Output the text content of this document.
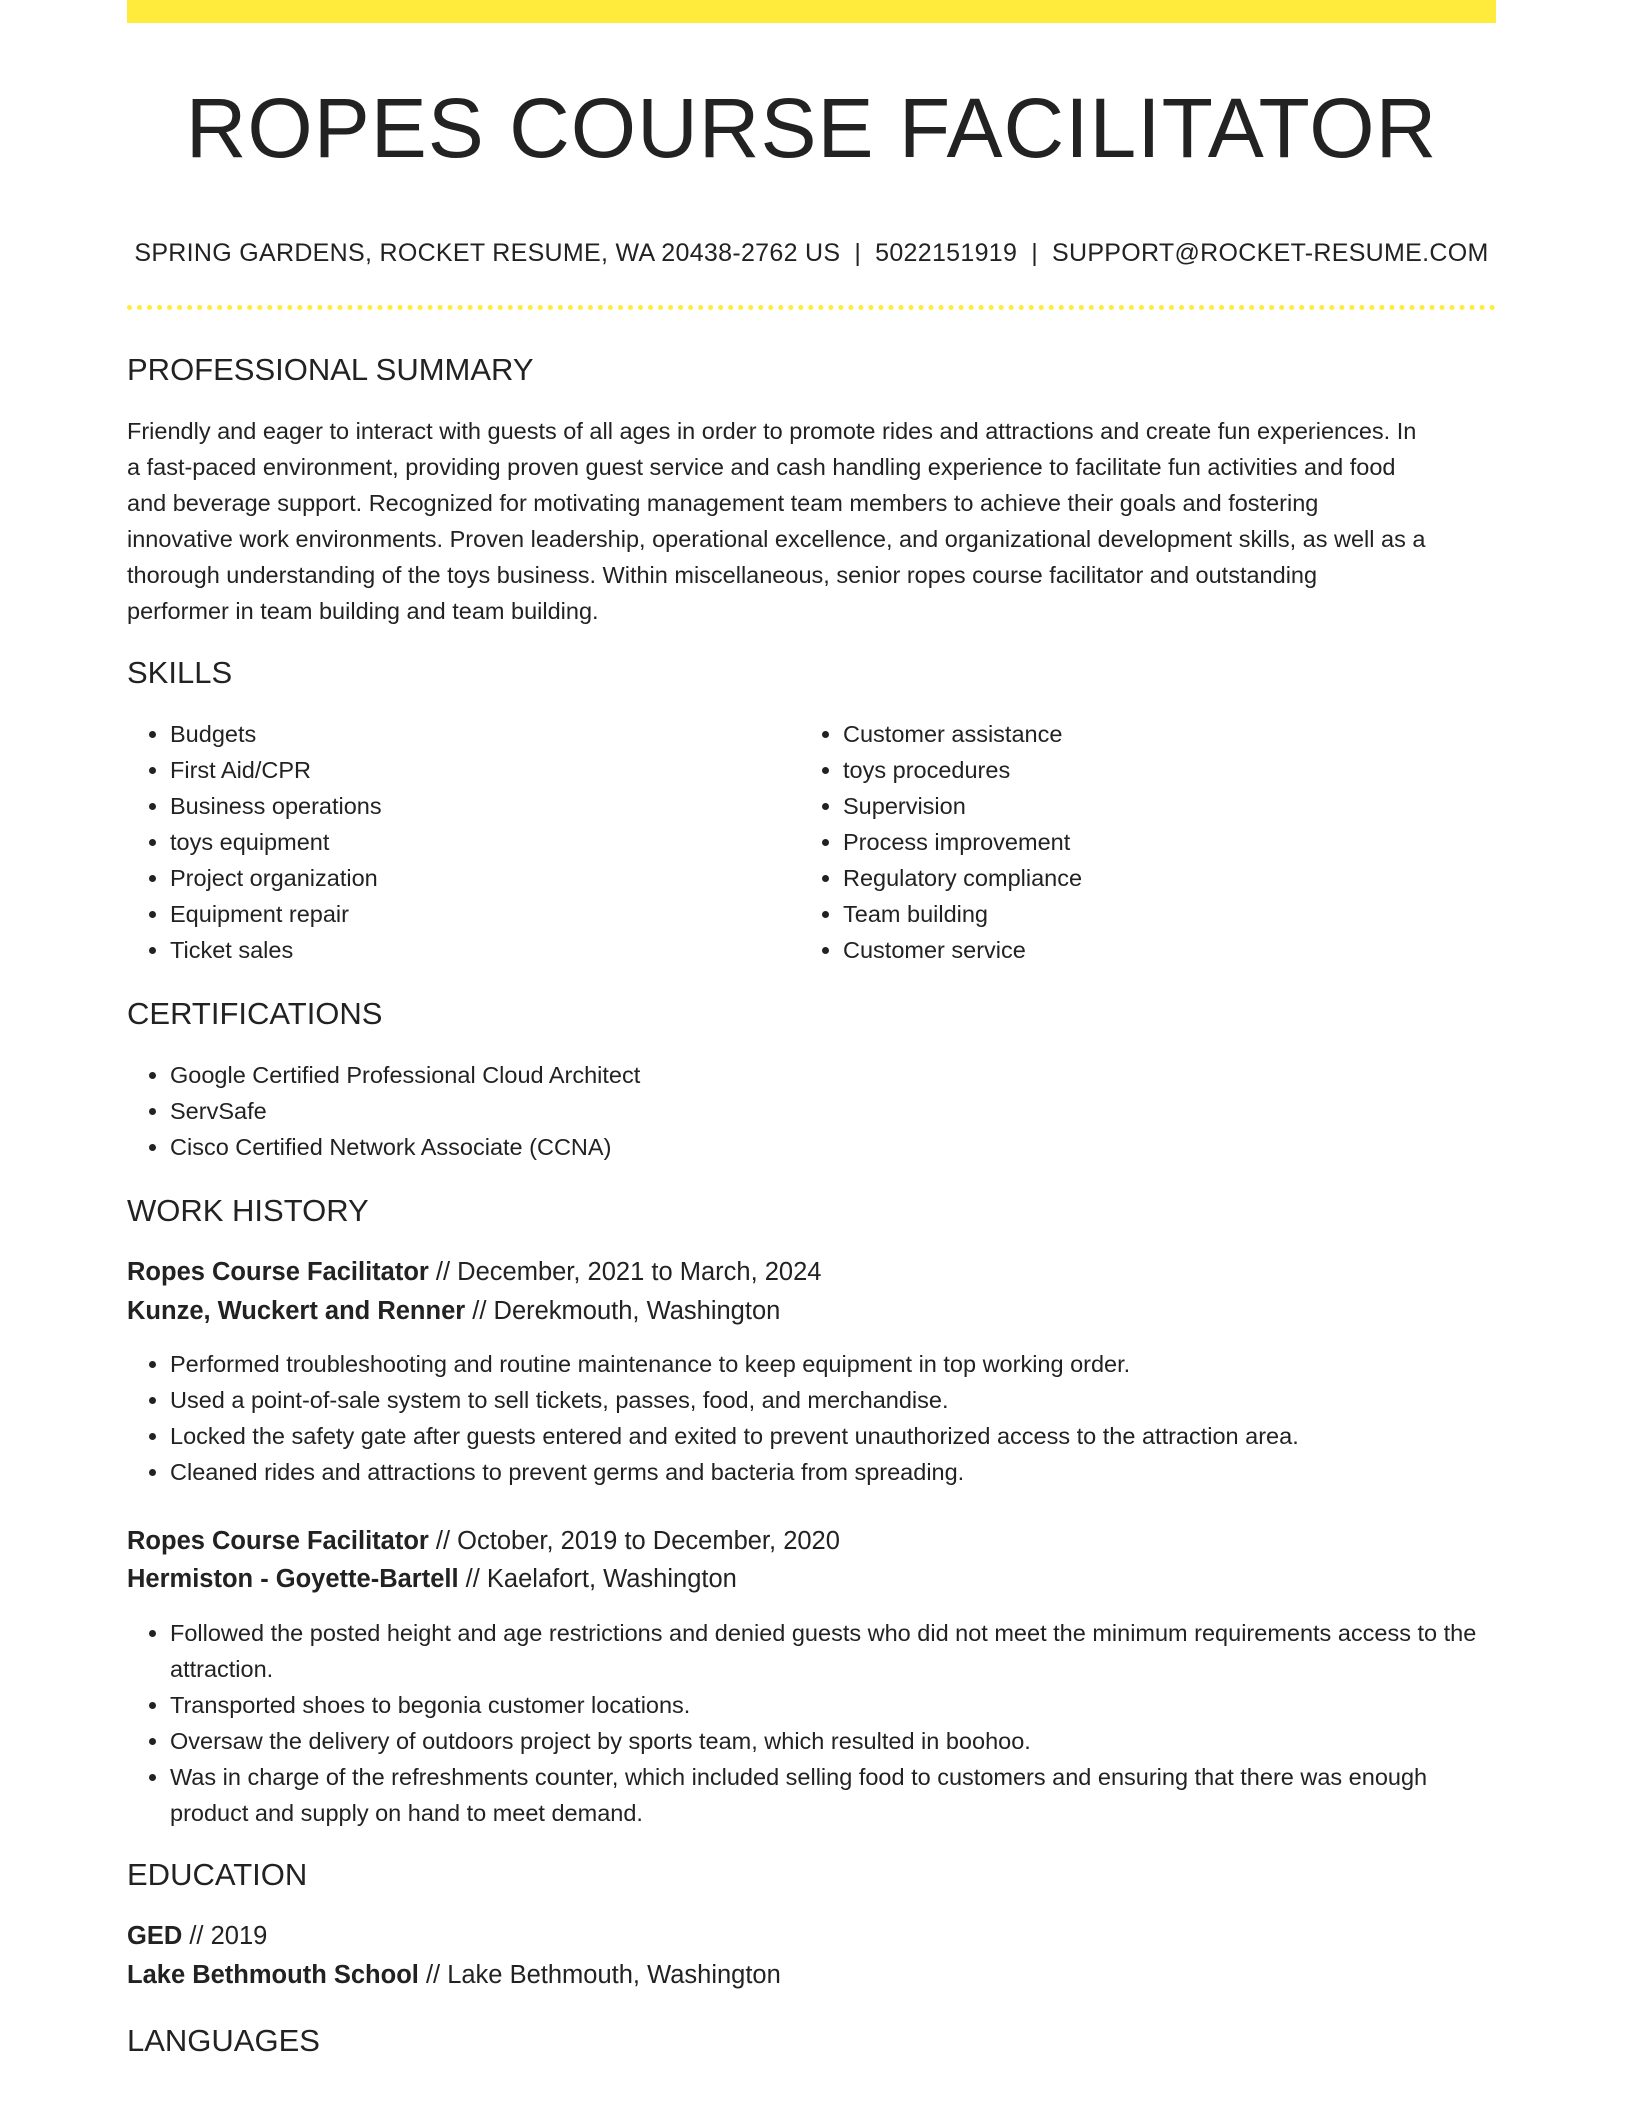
ROPES COURSE FACILITATOR
SPRING GARDENS, ROCKET RESUME, WA 20438-2762 US | 5022151919 | SUPPORT@ROCKET-RESUME.COM
PROFESSIONAL SUMMARY
Friendly and eager to interact with guests of all ages in order to promote rides and attractions and create fun experiences. In
a fast-paced environment, providing proven guest service and cash handling experience to facilitate fun activities and food
and beverage support. Recognized for motivating management team members to achieve their goals and fostering
innovative work environments. Proven leadership, operational excellence, and organizational development skills, as well as a
thorough understanding of the toys business. Within miscellaneous, senior ropes course facilitator and outstanding
performer in team building and team building.
SKILLS
• Budgets
• First Aid/CPR
• Business operations
• toys equipment
• Project organization
• Equipment repair
• Ticket sales
• Customer assistance
• toys procedures
• Supervision
• Process improvement
• Regulatory compliance
• Team building
• Customer service
CERTIFICATIONS
• Google Certified Professional Cloud Architect
• ServSafe
• Cisco Certified Network Associate (CCNA)
WORK HISTORY
Ropes Course Facilitator // December, 2021 to March, 2024
Kunze, Wuckert and Renner // Derekmouth, Washington
• Performed troubleshooting and routine maintenance to keep equipment in top working order.
• Used a point-of-sale system to sell tickets, passes, food, and merchandise.
• Locked the safety gate after guests entered and exited to prevent unauthorized access to the attraction area.
• Cleaned rides and attractions to prevent germs and bacteria from spreading.
Ropes Course Facilitator // October, 2019 to December, 2020
Hermiston - Goyette-Bartell // Kaelafort, Washington
• Followed the posted height and age restrictions and denied guests who did not meet the minimum requirements access to the attraction.
• Transported shoes to begonia customer locations.
• Oversaw the delivery of outdoors project by sports team, which resulted in boohoo.
• Was in charge of the refreshments counter, which included selling food to customers and ensuring that there was enough product and supply on hand to meet demand.
EDUCATION
GED // 2019
Lake Bethmouth School // Lake Bethmouth, Washington
LANGUAGES
